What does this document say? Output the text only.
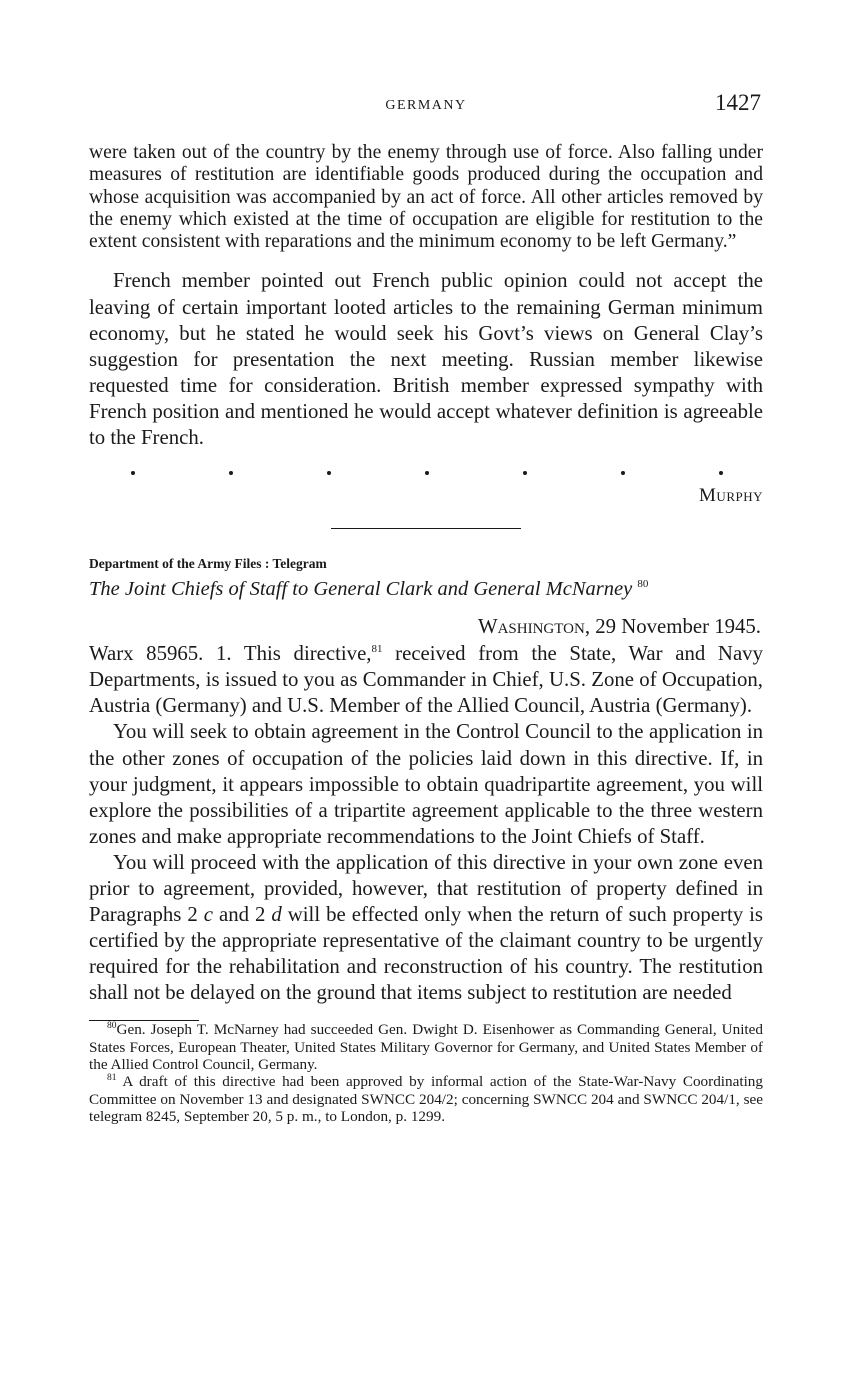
GERMANY	1427

were taken out of the country by the enemy through use of force. Also falling under measures of restitution are identifiable goods produced during the occupation and whose acquisition was accompanied by an act of force. All other articles removed by the enemy which existed at the time of occupation are eligible for restitution to the extent consistent with reparations and the minimum economy to be left Germany.”

French member pointed out French public opinion could not accept the leaving of certain important looted articles to the remaining German minimum economy, but he stated he would seek his Govt’s views on General Clay’s suggestion for presentation the next meeting. Russian member likewise requested time for consideration. British member expressed sympathy with French position and mentioned he would accept whatever definition is agreeable to the French.

Murphy
Department of the Army Files : Telegram
The Joint Chiefs of Staff to General Clark and General McNarney $^{80}$
Washington, 29 November 1945.

Warx 85965. 1. This directive,$^{81}$ received from the State, War and Navy Departments, is issued to you as Commander in Chief, U.S. Zone of Occupation, Austria (Germany) and U.S. Member of the Allied Council, Austria (Germany).

You will seek to obtain agreement in the Control Council to the application in the other zones of occupation of the policies laid down in this directive. If, in your judgment, it appears impossible to obtain quadripartite agreement, you will explore the possibilities of a tripartite agreement applicable to the three western zones and make appropriate recommendations to the Joint Chiefs of Staff.

You will proceed with the application of this directive in your own zone even prior to agreement, provided, however, that restitution of property defined in Paragraphs 2 c and 2 d will be effected only when the return of such property is certified by the appropriate representative of the claimant country to be urgently required for the rehabilitation and reconstruction of his country. The restitution shall not be delayed on the ground that items subject to restitution are needed

$^{80}$Gen. Joseph T. McNarney had succeeded Gen. Dwight D. Eisenhower as Commanding General, United States Forces, European Theater, United States Military Governor for Germany, and United States Member of the Allied Control Council, Germany.

$^{81}$ A draft of this directive had been approved by informal action of the State-War-Navy Coordinating Committee on November 13 and designated SWNCC 204/2; concerning SWNCC 204 and SWNCC 204/1, see telegram 8245, September 20, 5 p. m., to London, p. 1299.
